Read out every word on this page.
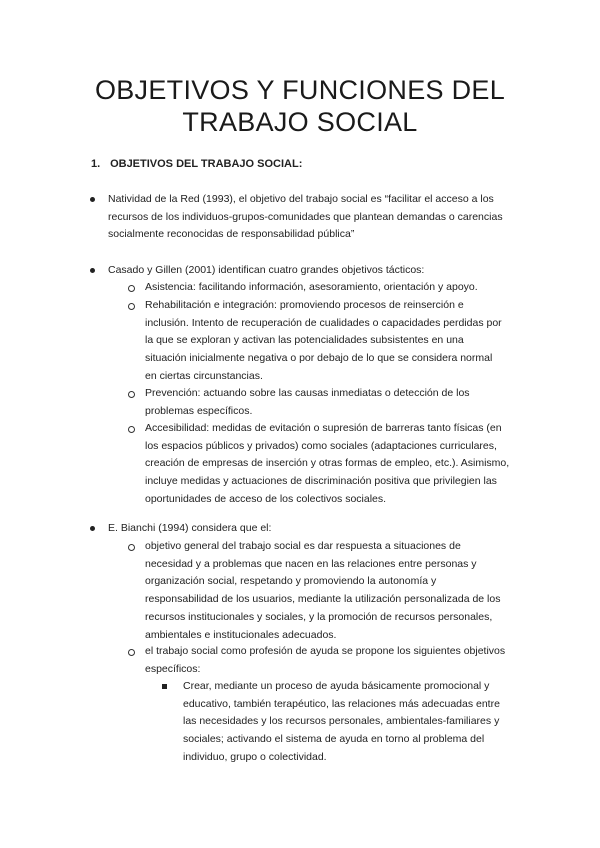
OBJETIVOS Y FUNCIONES DEL
TRABAJO SOCIAL

1. OBJETIVOS DEL TRABAJO SOCIAL:

Natividad de la Red (1993), el objetivo del trabajo social es “facilitar el acceso a los
recursos de los individuos-grupos-comunidades que plantean demandas o carencias
socialmente reconocidas de responsabilidad pública”

Casado y Gillen (2001) identifican cuatro grandes objetivos tácticos:

Asistencia: facilitando información, asesoramiento, orientación y apoyo.

Rehabilitación e integración: promoviendo procesos de reinserción e
inclusión. Intento de recuperación de cualidades o capacidades perdidas por
la que se exploran y activan las potencialidades subsistentes en una
situación inicialmente negativa o por debajo de lo que se considera normal
en ciertas circunstancias.

Prevención: actuando sobre las causas inmediatas o detección de los
problemas específicos.

Accesibilidad: medidas de evitación o supresión de barreras tanto físicas (en
los espacios públicos y privados) como sociales (adaptaciones curriculares,
creación de empresas de inserción y otras formas de empleo, etc.). Asimismo,
incluye medidas y actuaciones de discriminación positiva que privilegien las
oportunidades de acceso de los colectivos sociales.

E. Bianchi (1994) considera que el:

objetivo general del trabajo social es dar respuesta a situaciones de
necesidad y a problemas que nacen en las relaciones entre personas y
organización social, respetando y promoviendo la autonomía y
responsabilidad de los usuarios, mediante la utilización personalizada de los
recursos institucionales y sociales, y la promoción de recursos personales,
ambientales e institucionales adecuados.

el trabajo social como profesión de ayuda se propone los siguientes objetivos
específicos:

Crear, mediante un proceso de ayuda básicamente promocional y
educativo, también terapéutico, las relaciones más adecuadas entre
las necesidades y los recursos personales, ambientales-familiares y
sociales; activando el sistema de ayuda en torno al problema del
individuo, grupo o colectividad.
